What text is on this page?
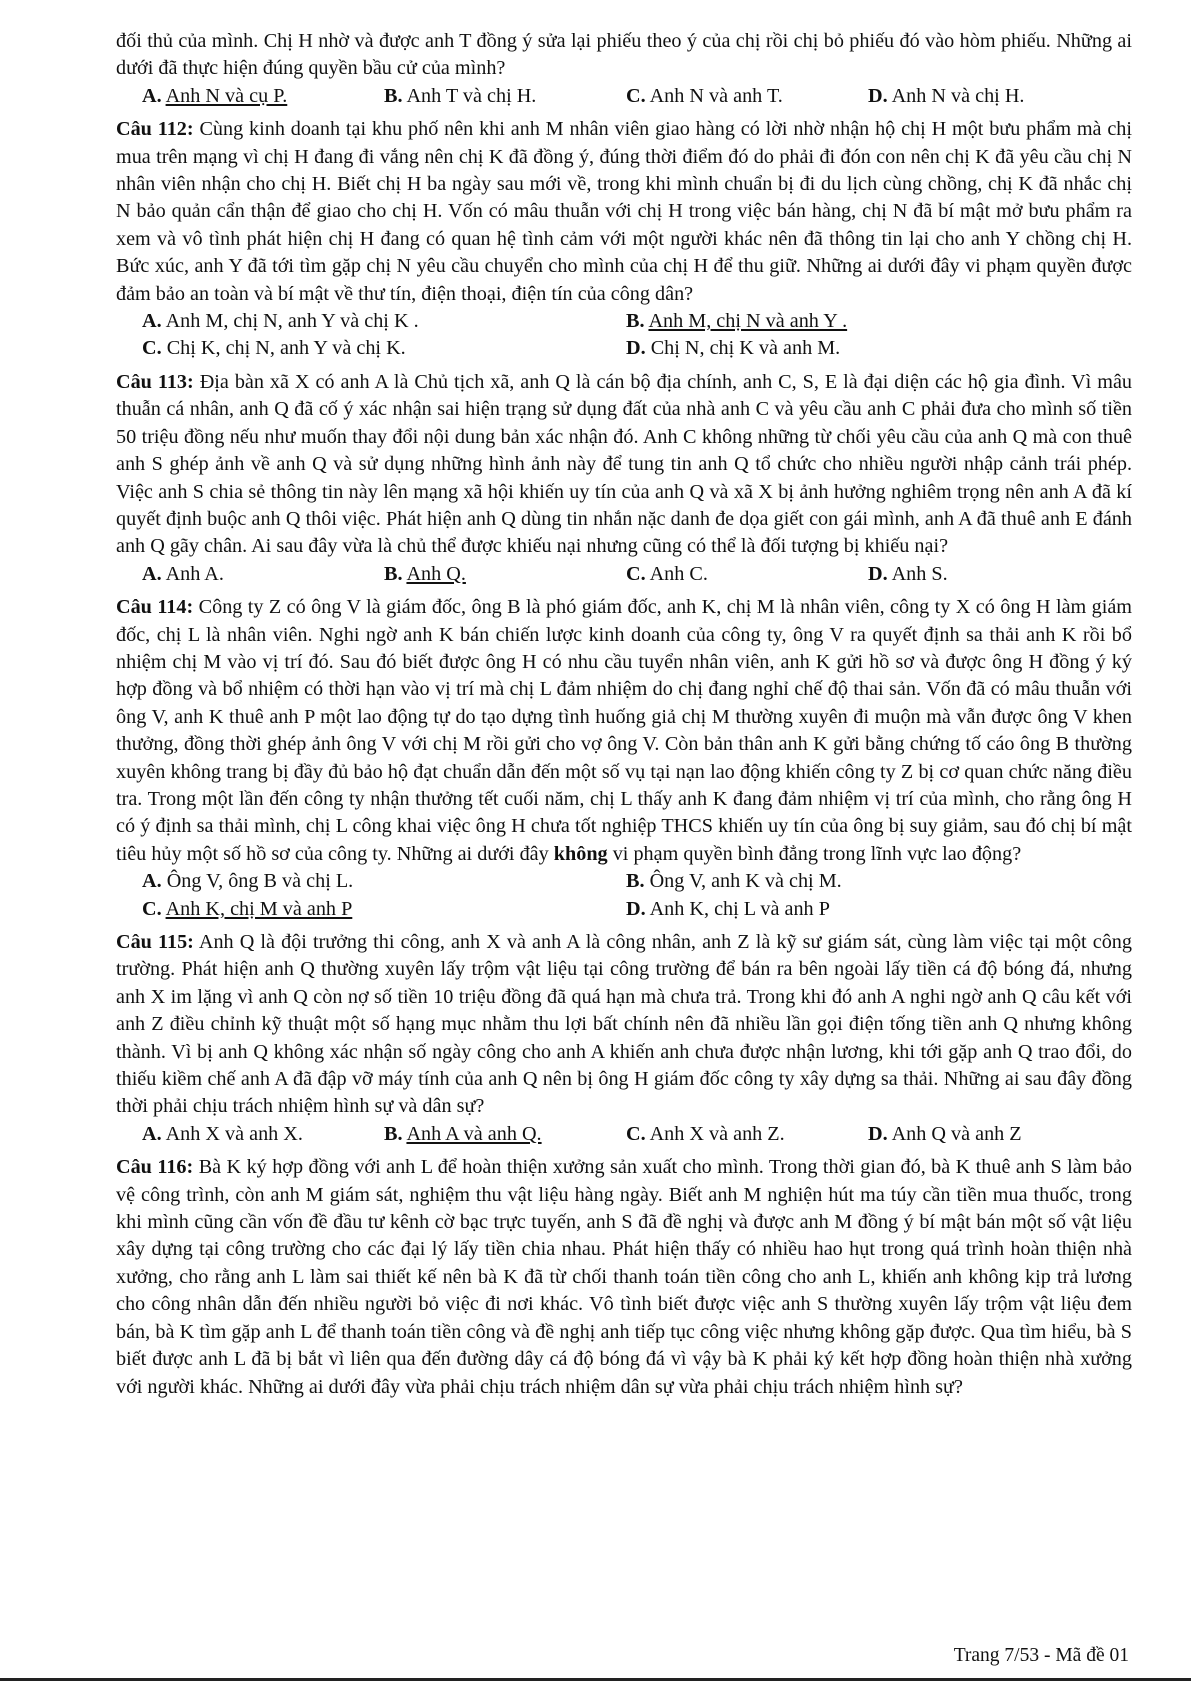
đối thủ của mình. Chị H nhờ và được anh T đồng ý sửa lại phiếu theo ý của chị rồi chị bỏ phiếu đó vào hòm phiếu. Những ai dưới đã thực hiện đúng quyền bầu cử của mình?

A. Anh N và cụ P.	B. Anh T và chị H.	C. Anh N và anh T.	D. Anh N và chị H.

Câu 112: Cùng kinh doanh tại khu phố nên khi anh M nhân viên giao hàng có lời nhờ nhận hộ chị H một bưu phẩm mà chị mua trên mạng vì chị H đang đi vắng nên chị K đã đồng ý, đúng thời điểm đó do phải đi đón con nên chị K đã yêu cầu chị N nhân viên nhận cho chị H. Biết chị H ba ngày sau mới về, trong khi mình chuẩn bị đi du lịch cùng chồng, chị K đã nhắc chị N bảo quản cẩn thận để giao cho chị H. Vốn có mâu thuẫn với chị H trong việc bán hàng, chị N đã bí mật mở bưu phẩm ra xem và vô tình phát hiện chị H đang có quan hệ tình cảm với một người khác nên đã thông tin lại cho anh Y chồng chị H. Bức xúc, anh Y đã tới tìm gặp chị N yêu cầu chuyển cho mình của chị H để thu giữ. Những ai dưới đây vi phạm quyền được đảm bảo an toàn và bí mật về thư tín, điện thoại, điện tín của công dân?

A. Anh M, chị N, anh Y và chị K .	B. Anh M, chị N và anh Y .
C. Chị K, chị N, anh Y và chị K.	D. Chị N, chị K và anh M.

Câu 113: Địa bàn xã X có anh A là Chủ tịch xã, anh Q là cán bộ địa chính, anh C, S, E là đại diện các hộ gia đình. Vì mâu thuẫn cá nhân, anh Q đã cố ý xác nhận sai hiện trạng sử dụng đất của nhà anh C và yêu cầu anh C phải đưa cho mình số tiền 50 triệu đồng nếu như muốn thay đổi nội dung bản xác nhận đó. Anh C không những từ chối yêu cầu của anh Q mà con thuê anh S ghép ảnh về anh Q và sử dụng những hình ảnh này để tung tin anh Q tổ chức cho nhiều người nhập cảnh trái phép. Việc anh S chia sẻ thông tin này lên mạng xã hội khiến uy tín của anh Q và xã X bị ảnh hưởng nghiêm trọng nên anh A đã kí quyết định buộc anh Q thôi việc. Phát hiện anh Q dùng tin nhắn nặc danh đe dọa giết con gái mình, anh A đã thuê anh E đánh anh Q gãy chân. Ai sau đây vừa là chủ thể được khiếu nại nhưng cũng có thể là đối tượng bị khiếu nại?

A. Anh A.	B. Anh Q.	C. Anh C.	D. Anh S.

Câu 114: Công ty Z có ông V là giám đốc, ông B là phó giám đốc, anh K, chị M là nhân viên, công ty X có ông H làm giám đốc, chị L là nhân viên. Nghi ngờ anh K bán chiến lược kinh doanh của công ty, ông V ra quyết định sa thải anh K rồi bổ nhiệm chị M vào vị trí đó. Sau đó biết được ông H có nhu cầu tuyển nhân viên, anh K gửi hồ sơ và được ông H đồng ý ký hợp đồng và bổ nhiệm có thời hạn vào vị trí mà chị L đảm nhiệm do chị đang nghỉ chế độ thai sản. Vốn đã có mâu thuẫn với ông V, anh K thuê anh P một lao động tự do tạo dựng tình huống giả chị M thường xuyên đi muộn mà vẫn được ông V khen thưởng, đồng thời ghép ảnh ông V với chị M rồi gửi cho vợ ông V. Còn bản thân anh K gửi bằng chứng tố cáo ông B thường xuyên không trang bị đầy đủ bảo hộ đạt chuẩn dẫn đến một số vụ tại nạn lao động khiến công ty Z bị cơ quan chức năng điều tra. Trong một lần đến công ty nhận thưởng tết cuối năm, chị L thấy anh K đang đảm nhiệm vị trí của mình, cho rằng ông H có ý định sa thải mình, chị L công khai việc ông H chưa tốt nghiệp THCS khiến uy tín của ông bị suy giảm, sau đó chị bí mật tiêu hủy một số hồ sơ của công ty. Những ai dưới đây không vi phạm quyền bình đẳng trong lĩnh vực lao động?

A. Ông V, ông B và chị L.	B. Ông V, anh K và chị M.
C. Anh K, chị M và anh P	D. Anh K, chị L và anh P

Câu 115: Anh Q là đội trưởng thi công, anh X và anh A là công nhân, anh Z là kỹ sư giám sát, cùng làm việc tại một công trường. Phát hiện anh Q thường xuyên lấy trộm vật liệu tại công trường để bán ra bên ngoài lấy tiền cá độ bóng đá, nhưng anh X im lặng vì anh Q còn nợ số tiền 10 triệu đồng đã quá hạn mà chưa trả. Trong khi đó anh A nghi ngờ anh Q câu kết với anh Z điều chỉnh kỹ thuật một số hạng mục nhằm thu lợi bất chính nên đã nhiều lần gọi điện tống tiền anh Q nhưng không thành. Vì bị anh Q không xác nhận số ngày công cho anh A khiến anh chưa được nhận lương, khi tới gặp anh Q trao đổi, do thiếu kiềm chế anh A đã đập vỡ máy tính của anh Q nên bị ông H giám đốc công ty xây dựng sa thải. Những ai sau đây đồng thời phải chịu trách nhiệm hình sự và dân sự?

A. Anh X và anh X.	B. Anh A và anh Q.	C. Anh X và anh Z.	D. Anh Q và anh Z

Câu 116: Bà K ký hợp đồng với anh L để hoàn thiện xưởng sản xuất cho mình. Trong thời gian đó, bà K thuê anh S làm bảo vệ công trình, còn anh M giám sát, nghiệm thu vật liệu hàng ngày. Biết anh M nghiện hút ma túy cần tiền mua thuốc, trong khi mình cũng cần vốn đề đầu tư kênh cờ bạc trực tuyến, anh S đã đề nghị và được anh M đồng ý bí mật bán một số vật liệu xây dựng tại công trường cho các đại lý lấy tiền chia nhau. Phát hiện thấy có nhiều hao hụt trong quá trình hoàn thiện nhà xưởng, cho rằng anh L làm sai thiết kế nên bà K đã từ chối thanh toán tiền công cho anh L, khiến anh không kịp trả lương cho công nhân dẫn đến nhiều người bỏ việc đi nơi khác. Vô tình biết được việc anh S thường xuyên lấy trộm vật liệu đem bán, bà K tìm gặp anh L để thanh toán tiền công và đề nghị anh tiếp tục công việc nhưng không gặp được. Qua tìm hiểu, bà S biết được anh L đã bị bắt vì liên qua đến đường dây cá độ bóng đá vì vậy bà K phải ký kết hợp đồng hoàn thiện nhà xưởng với người khác. Những ai dưới đây vừa phải chịu trách nhiệm dân sự vừa phải chịu trách nhiệm hình sự?

Trang 7/53 - Mã đề 01
